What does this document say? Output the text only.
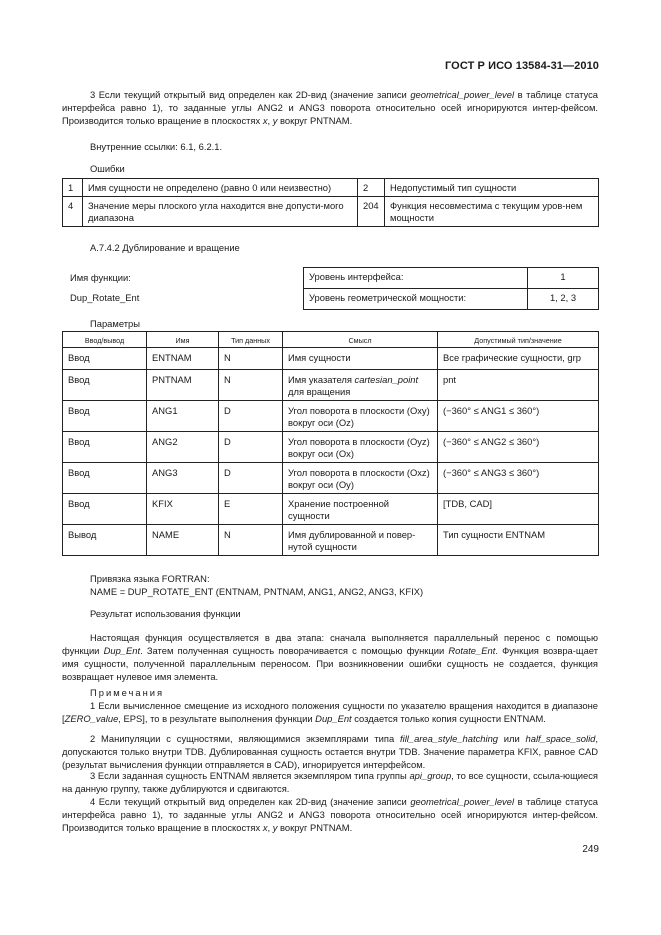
ГОСТ Р ИСО 13584-31—2010
3 Если текущий открытый вид определен как 2D-вид (значение записи geometrical_power_level в таблице статуса интерфейса равно 1), то заданные углы ANG2 и ANG3 поворота относительно осей игнорируются интер-фейсом. Производится только вращение в плоскостях x, y вокруг PNTNAM.
Внутренние ссылки: 6.1, 6.2.1.
Ошибки
1	Имя сущности не определено (равно 0 или неизвестно)	2	Недопустимый тип сущности
4	Значение меры плоского угла находится вне допусти-мого диапазона	204	Функция несовместима с текущим уров-нем мощности
А.7.4.2 Дублирование и вращение
Имя функции:
Dup_Rotate_Ent
Уровень интерфейса:	1
Уровень геометрической мощности:	1, 2, 3
Параметры
Ввод/вывод	Имя	Тип данных	Смысл	Допустимый тип/значение
Ввод	ENTNAM	N	Имя сущности	Все графические сущности, grp
Ввод	PNTNAM	N	Имя указателя cartesian_point для вращения	pnt
Ввод	ANG1	D	Угол поворота в плоскости (Oxy) вокруг оси (Oz)	(−360° ≤ ANG1 ≤ 360°)
Ввод	ANG2	D	Угол поворота в плоскости (Oyz) вокруг оси (Ox)	(−360° ≤ ANG2 ≤ 360°)
Ввод	ANG3	D	Угол поворота в плоскости (Oxz) вокруг оси (Oy)	(−360° ≤ ANG3 ≤ 360°)
Ввод	KFIX	E	Хранение построенной сущности	[TDB, CAD]
Вывод	NAME	N	Имя дублированной и повер-нутой сущности	Тип сущности ENTNAM
Привязка языка FORTRAN:
NAME = DUP_ROTATE_ENT (ENTNAM, PNTNAM, ANG1, ANG2, ANG3, KFIX)
Результат использования функции
Настоящая функция осуществляется в два этапа: сначала выполняется параллельный перенос с помощью функции Dup_Ent. Затем полученная сущность поворачивается с помощью функции Rotate_Ent. Функция возвра-щает имя сущности, полученной параллельным переносом. При возникновении ошибки сущность не создается, функция возвращает нулевое имя элемента.
Примечания
1 Если вычисленное смещение из исходного положения сущности по указателю вращения находится в диапазоне [ZERO_value, EPS], то в результате выполнения функции Dup_Ent создается только копия сущности ENTNAM.
2 Манипуляции с сущностями, являющимися экземплярами типа fill_area_style_hatching или half_space_solid, допускаются только внутри TDB. Дублированная сущность остается внутри TDB. Значение параметра KFIX, равное CAD (результат вычисления функции отправляется в CAD), игнорируется интерфейсом.
3 Если заданная сущность ENTNAM является экземпляром типа группы api_group, то все сущности, ссыла-ющиеся на данную группу, также дублируются и сдвигаются.
4 Если текущий открытый вид определен как 2D-вид (значение записи geometrical_power_level в таблице статуса интерфейса равно 1), то заданные углы ANG2 и ANG3 поворота относительно осей игнорируются интер-фейсом. Производится только вращение в плоскостях x, y вокруг PNTNAM.
249
